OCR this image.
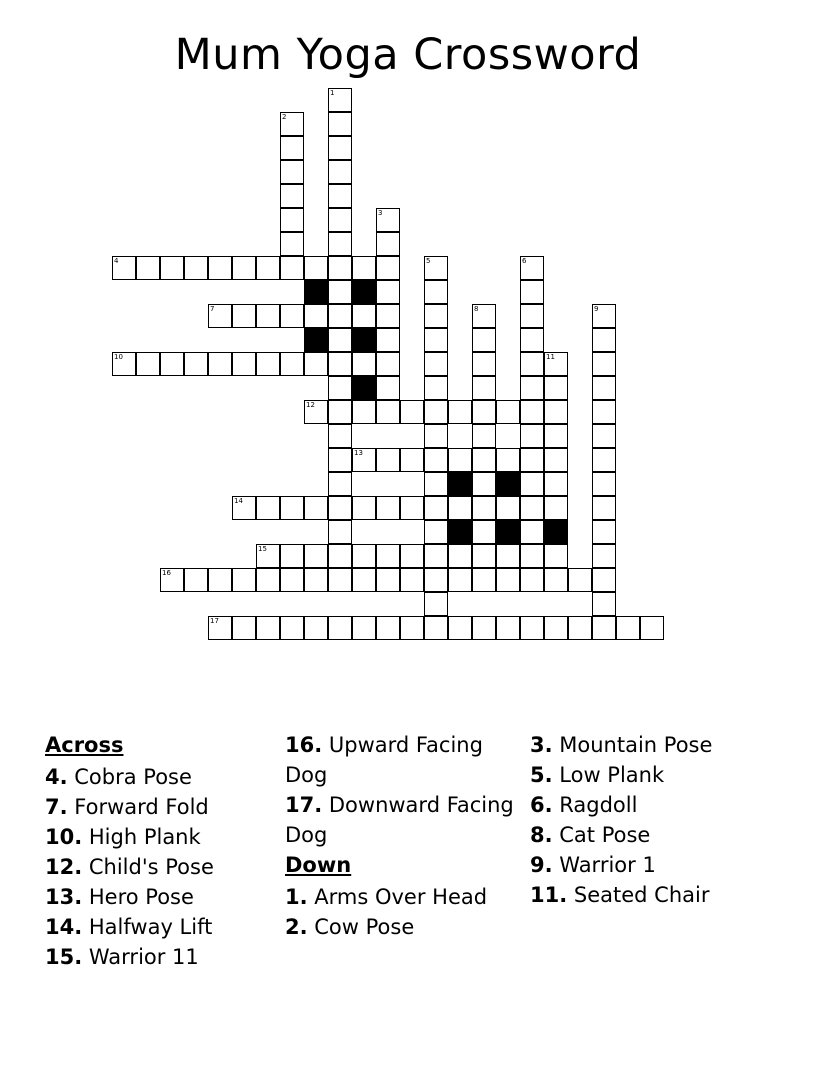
Mum Yoga Crossword
1
2
3
4	5	6
7	8	9
10	11
12
13
14
15
16
17
Across
4. Cobra Pose
7. Forward Fold
10. High Plank
12. Child's Pose
13. Hero Pose
14. Halfway Lift
15. Warrior 11
16. Upward Facing Dog
17. Downward Facing Dog
Down
1. Arms Over Head
2. Cow Pose
3. Mountain Pose
5. Low Plank
6. Ragdoll
8. Cat Pose
9. Warrior 1
11. Seated Chair
